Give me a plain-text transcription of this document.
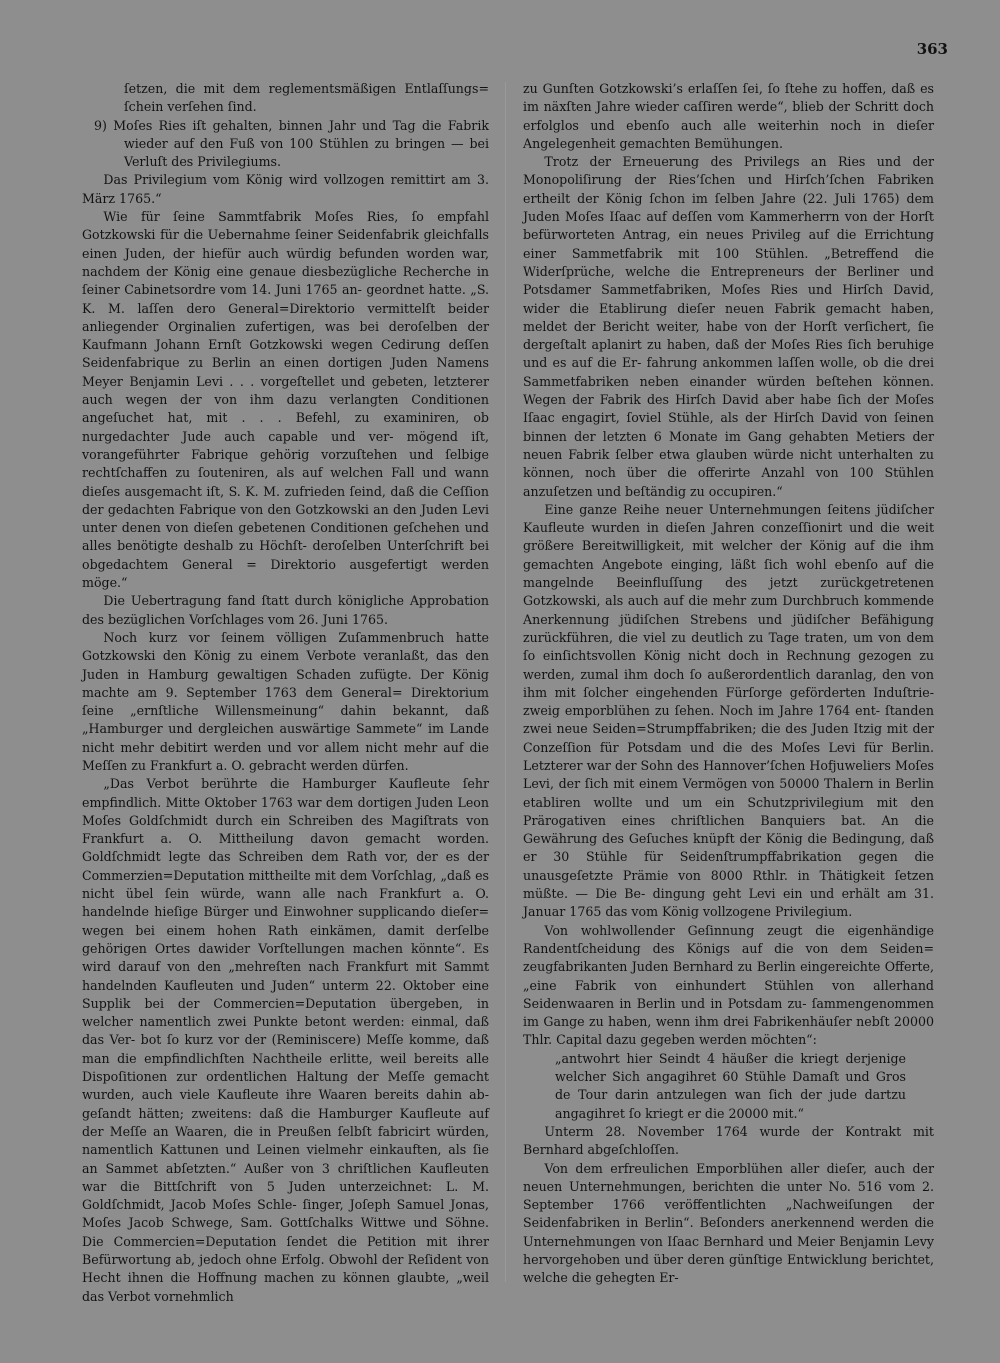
363

ſetzen, die mit dem reglementsmäßigen Entlaſſungs= ſchein verſehen ſind.

9) Moſes Ries iſt gehalten, binnen Jahr und Tag die Fabrik wieder auf den Fuß von 100 Stühlen zu bringen — bei Verluſt des Privilegiums.

Das Privilegium vom König wird vollzogen remittirt am 3. März 1765.“

Wie für ſeine Sammtfabrik Moſes Ries, ſo empfahl Gotzkowski für die Uebernahme ſeiner Seidenfabrik gleichfalls einen Juden, der hiefür auch würdig befunden worden war, nachdem der König eine genaue diesbezügliche Recherche in ſeiner Cabinetsordre vom 14. Juni 1765 an- geordnet hatte. „S. K. M. laſſen dero General=Direktorio vermittelſt beider anliegender Orginalien zufertigen, was bei deroſelben der Kaufmann Johann Ernſt Gotzkowski wegen Cedirung deſſen Seidenfabrique zu Berlin an einen dortigen Juden Namens Meyer Benjamin Levi . . . vorgeſtellet und gebeten, letzterer auch wegen der von ihm dazu verlangten Conditionen angeſuchet hat, mit . . . Befehl, zu examiniren, ob nurgedachter Jude auch capable und ver- mögend iſt, vorangeführter Fabrique gehörig vorzuſtehen und ſelbige rechtſchaffen zu ſouteniren, als auf welchen Fall und wann dieſes ausgemacht iſt, S. K. M. zufrieden ſeind, daß die Ceſſion der gedachten Fabrique von den Gotzkowski an den Juden Levi unter denen von dieſen gebetenen Conditionen geſchehen und alles benötigte deshalb zu Höchſt- deroſelben Unterſchrift bei obgedachtem General = Direktorio ausgefertigt werden möge.“

Die Uebertragung fand ſtatt durch königliche Approbation des bezüglichen Vorſchlages vom 26. Juni 1765.

Noch kurz vor ſeinem völligen Zuſammenbruch hatte Gotzkowski den König zu einem Verbote veranlaßt, das den Juden in Hamburg gewaltigen Schaden zufügte. Der König machte am 9. September 1763 dem General= Direktorium ſeine „ernſtliche Willensmeinung“ dahin bekannt, daß „Hamburger und dergleichen auswärtige Sammete“ im Lande nicht mehr debitirt werden und vor allem nicht mehr auf die Meſſen zu Frankfurt a. O. gebracht werden dürfen.

„Das Verbot berührte die Hamburger Kaufleute ſehr empfindlich. Mitte Oktober 1763 war dem dortigen Juden Leon Moſes Goldſchmidt durch ein Schreiben des Magiſtrats von Frankfurt a. O. Mittheilung davon gemacht worden. Goldſchmidt legte das Schreiben dem Rath vor, der es der Commerzien=Deputation mittheilte mit dem Vorſchlag, „daß es nicht übel ſein würde, wann alle nach Frankfurt a. O. handelnde hieſige Bürger und Einwohner supplicando dieſer= wegen bei einem hohen Rath einkämen, damit derſelbe gehörigen Ortes dawider Vorſtellungen machen könnte“. Es wird darauf von den „mehreſten nach Frankfurt mit Sammt handelnden Kaufleuten und Juden“ unterm 22. Oktober eine Supplik bei der Commercien=Deputation übergeben, in welcher namentlich zwei Punkte betont werden: einmal, daß das Ver- bot ſo kurz vor der (Reminiscere) Meſſe komme, daß man die empfindlichſten Nachtheile erlitte, weil bereits alle Dispoſitionen zur ordentlichen Haltung der Meſſe gemacht wurden, auch viele Kaufleute ihre Waaren bereits dahin ab- geſandt hätten; zweitens: daß die Hamburger Kaufleute auf der Meſſe an Waaren, die in Preußen ſelbſt fabricirt würden, namentlich Kattunen und Leinen vielmehr einkauften, als ſie an Sammet abſetzten.“ Außer von 3 chriſtlichen Kaufleuten war die Bittſchrift von 5 Juden unterzeichnet: L. M. Goldſchmidt, Jacob Moſes Schle- ſinger, Joſeph Samuel Jonas, Moſes Jacob Schwege, Sam. Gottſchalks Wittwe und Söhne. Die Commercien=Deputation ſendet die Petition mit ihrer Befürwortung ab, jedoch ohne Erfolg. Obwohl der Reſident von Hecht ihnen die Hoffnung machen zu können glaubte, „weil das Verbot vornehmlich

zu Gunſten Gotzkowski’s erlaſſen ſei, ſo ſtehe zu hoffen, daß es im näxſten Jahre wieder caſſiren werde“, blieb der Schritt doch erfolglos und ebenſo auch alle weiterhin noch in dieſer Angelegenheit gemachten Bemühungen.

Trotz der Erneuerung des Privilegs an Ries und der Monopoliſirung der Ries’ſchen und Hirſch’ſchen Fabriken ertheilt der König ſchon im ſelben Jahre (22. Juli 1765) dem Juden Moſes Iſaac auf deſſen vom Kammerherrn von der Horſt befürworteten Antrag, ein neues Privileg auf die Errichtung einer Sammetfabrik mit 100 Stühlen. „Betreffend die Widerſprüche, welche die Entrepreneurs der Berliner und Potsdamer Sammetfabriken, Moſes Ries und Hirſch David, wider die Etablirung dieſer neuen Fabrik gemacht haben, meldet der Bericht weiter, habe von der Horſt verſichert, ſie dergeſtalt aplanirt zu haben, daß der Moſes Ries ſich beruhige und es auf die Er- fahrung ankommen laſſen wolle, ob die drei Sammetfabriken neben einander würden beſtehen können. Wegen der Fabrik des Hirſch David aber habe ſich der Moſes Iſaac engagirt, ſoviel Stühle, als der Hirſch David von ſeinen binnen der letzten 6 Monate im Gang gehabten Metiers der neuen Fabrik ſelber etwa glauben würde nicht unterhalten zu können, noch über die offerirte Anzahl von 100 Stühlen anzuſetzen und beſtändig zu occupiren.“

Eine ganze Reihe neuer Unternehmungen ſeitens jüdiſcher Kaufleute wurden in dieſen Jahren conzeſſionirt und die weit größere Bereitwilligkeit, mit welcher der König auf die ihm gemachten Angebote einging, läßt ſich wohl ebenſo auf die mangelnde Beeinfluſſung des jetzt zurückgetretenen Gotzkowski, als auch auf die mehr zum Durchbruch kommende Anerkennung jüdiſchen Strebens und jüdiſcher Befähigung zurückführen, die viel zu deutlich zu Tage traten, um von dem ſo einſichtsvollen König nicht doch in Rechnung gezogen zu werden, zumal ihm doch ſo außerordentlich daranlag, den von ihm mit ſolcher eingehenden Fürſorge geförderten Induſtrie- zweig emporblühen zu ſehen. Noch im Jahre 1764 ent- ſtanden zwei neue Seiden=Strumpffabriken; die des Juden Itzig mit der Conzeſſion für Potsdam und die des Moſes Levi für Berlin. Letzterer war der Sohn des Hannover’ſchen Hofjuweliers Moſes Levi, der ſich mit einem Vermögen von 50000 Thalern in Berlin etabliren wollte und um ein Schutzprivilegium mit den Prärogativen eines chriſtlichen Banquiers bat. An die Gewährung des Geſuches knüpft der König die Bedingung, daß er 30 Stühle für Seidenſtrumpffabrikation gegen die unausgeſetzte Prämie von 8000 Rthlr. in Thätigkeit ſetzen müßte. — Die Be- dingung geht Levi ein und erhält am 31. Januar 1765 das vom König vollzogene Privilegium.

Von wohlwollender Geſinnung zeugt die eigenhändige Randentſcheidung des Königs auf die von dem Seiden= zeugfabrikanten Juden Bernhard zu Berlin eingereichte Offerte, „eine Fabrik von einhundert Stühlen von allerhand Seidenwaaren in Berlin und in Potsdam zu- ſammengenommen im Gange zu haben, wenn ihm drei Fabrikenhäuſer nebſt 20000 Thlr. Capital dazu gegeben werden möchten“:

„antwohrt hier Seindt 4 häußer die kriegt derjenige welcher Sich angagihret 60 Stühle Damaſt und Gros de Tour darin antzulegen wan ſich der jude dartzu angagihret ſo kriegt er die 20000 mit.“

Unterm 28. November 1764 wurde der Kontrakt mit Bernhard abgeſchloſſen.

Von dem erfreulichen Emporblühen aller dieſer, auch der neuen Unternehmungen, berichten die unter No. 516 vom 2. September 1766 veröffentlichten „Nachweiſungen der Seidenfabriken in Berlin“. Beſonders anerkennend werden die Unternehmungen von Iſaac Bernhard und Meier Benjamin Levy hervorgehoben und über deren günſtige Entwicklung berichtet, welche die gehegten Er-
